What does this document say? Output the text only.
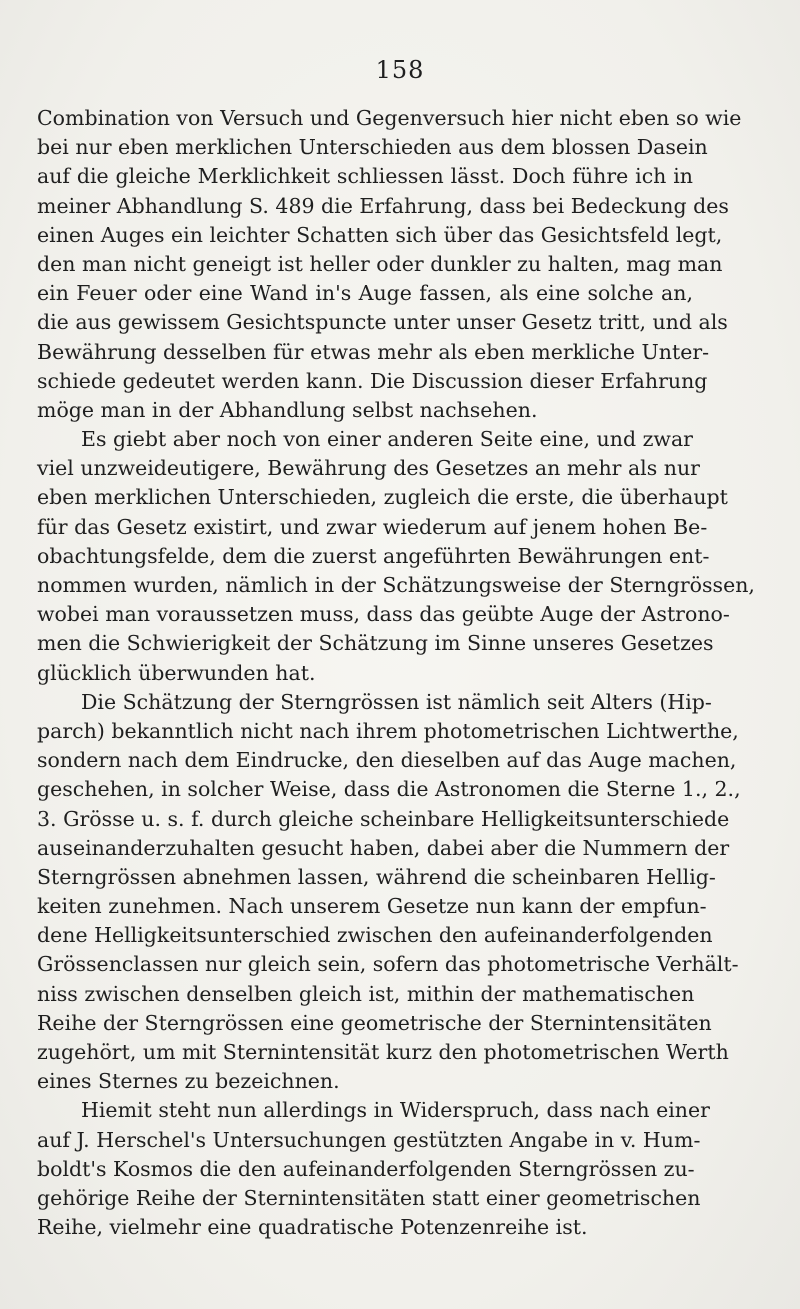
158
Combination von Versuch und Gegenversuch hier nicht eben so wie
bei nur eben merklichen Unterschieden aus dem blossen Dasein
auf die gleiche Merklichkeit schliessen lässt. Doch führe ich in
meiner Abhandlung S. 489 die Erfahrung, dass bei Bedeckung des
einen Auges ein leichter Schatten sich über das Gesichtsfeld legt,
den man nicht geneigt ist heller oder dunkler zu halten, mag man
ein Feuer oder eine Wand in's Auge fassen, als eine solche an,
die aus gewissem Gesichtspuncte unter unser Gesetz tritt, und als
Bewährung desselben für etwas mehr als eben merkliche Unter-
schiede gedeutet werden kann. Die Discussion dieser Erfahrung
möge man in der Abhandlung selbst nachsehen.
Es giebt aber noch von einer anderen Seite eine, und zwar
viel unzweideutigere, Bewährung des Gesetzes an mehr als nur
eben merklichen Unterschieden, zugleich die erste, die überhaupt
für das Gesetz existirt, und zwar wiederum auf jenem hohen Be-
obachtungsfelde, dem die zuerst angeführten Bewährungen ent-
nommen wurden, nämlich in der Schätzungsweise der Sterngrössen,
wobei man voraussetzen muss, dass das geübte Auge der Astrono-
men die Schwierigkeit der Schätzung im Sinne unseres Gesetzes
glücklich überwunden hat.
Die Schätzung der Sterngrössen ist nämlich seit Alters (Hip-
parch) bekanntlich nicht nach ihrem photometrischen Lichtwerthe,
sondern nach dem Eindrucke, den dieselben auf das Auge machen,
geschehen, in solcher Weise, dass die Astronomen die Sterne 1., 2.,
3. Grösse u. s. f. durch gleiche scheinbare Helligkeitsunterschiede
auseinanderzuhalten gesucht haben, dabei aber die Nummern der
Sterngrössen abnehmen lassen, während die scheinbaren Hellig-
keiten zunehmen. Nach unserem Gesetze nun kann der empfun-
dene Helligkeitsunterschied zwischen den aufeinanderfolgenden
Grössenclassen nur gleich sein, sofern das photometrische Verhält-
niss zwischen denselben gleich ist, mithin der mathematischen
Reihe der Sterngrössen eine geometrische der Sternintensitäten
zugehört, um mit Sternintensität kurz den photometrischen Werth
eines Sternes zu bezeichnen.
Hiemit steht nun allerdings in Widerspruch, dass nach einer
auf J. Herschel's Untersuchungen gestützten Angabe in v. Hum-
boldt's Kosmos die den aufeinanderfolgenden Sterngrössen zu-
gehörige Reihe der Sternintensitäten statt einer geometrischen
Reihe, vielmehr eine quadratische Potenzenreihe ist.
